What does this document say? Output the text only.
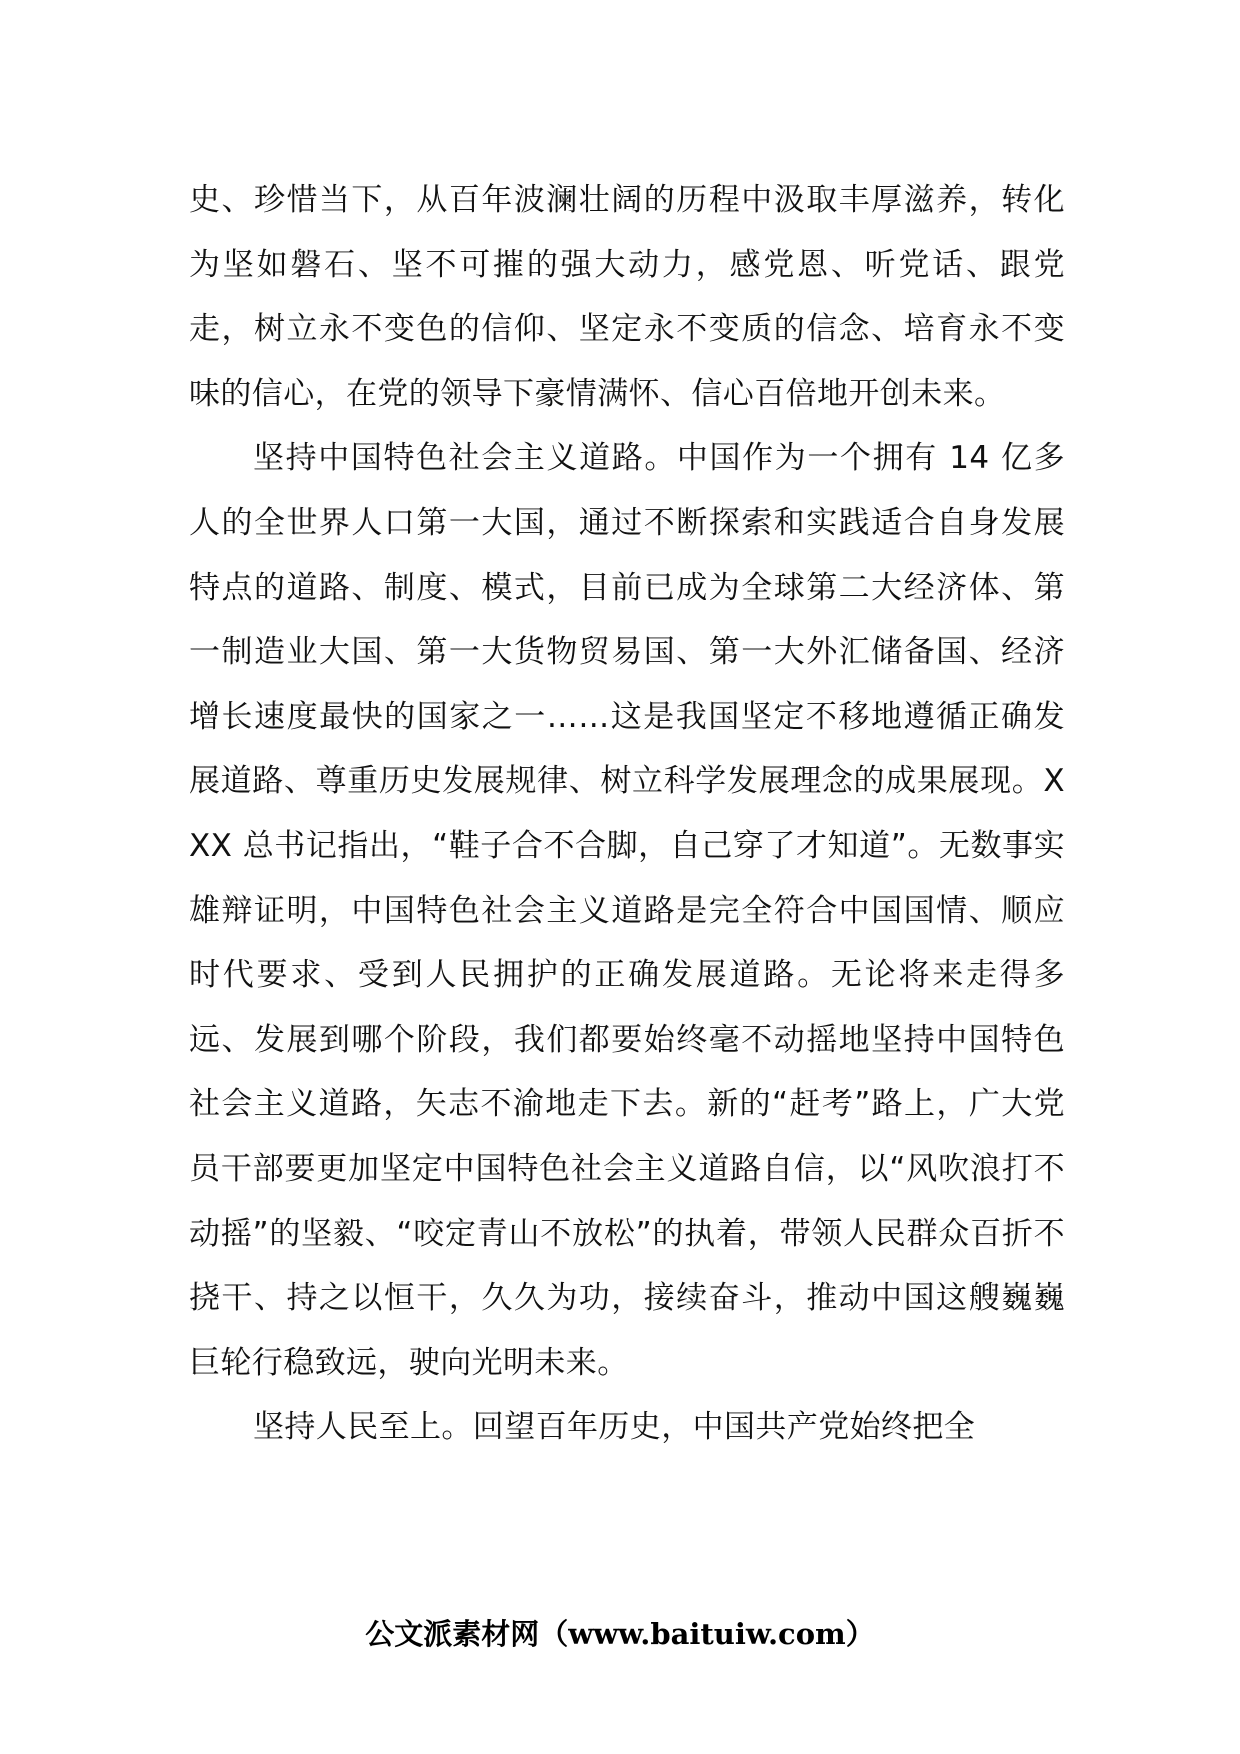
史、珍惜当下，从百年波澜壮阔的历程中汲取丰厚滋养，转化为坚如磐石、坚不可摧的强大动力，感党恩、听党话、跟党走，树立永不变色的信仰、坚定永不变质的信念、培育永不变味的信心，在党的领导下豪情满怀、信心百倍地开创未来。

坚持中国特色社会主义道路。中国作为一个拥有 14 亿多人的全世界人口第一大国，通过不断探索和实践适合自身发展特点的道路、制度、模式，目前已成为全球第二大经济体、第一制造业大国、第一大货物贸易国、第一大外汇储备国、经济增长速度最快的国家之一……这是我国坚定不移地遵循正确发展道路、尊重历史发展规律、树立科学发展理念的成果展现。XXX 总书记指出，“鞋子合不合脚，自己穿了才知道”。无数事实雄辩证明，中国特色社会主义道路是完全符合中国国情、顺应时代要求、受到人民拥护的正确发展道路。无论将来走得多远、发展到哪个阶段，我们都要始终毫不动摇地坚持中国特色社会主义道路，矢志不渝地走下去。新的“赶考”路上，广大党员干部要更加坚定中国特色社会主义道路自信，以“风吹浪打不动摇”的坚毅、“咬定青山不放松”的执着，带领人民群众百折不挠干、持之以恒干，久久为功，接续奋斗，推动中国这艘巍巍巨轮行稳致远，驶向光明未来。

坚持人民至上。回望百年历史，中国共产党始终把全

公文派素材网（www.baituiw.com）
